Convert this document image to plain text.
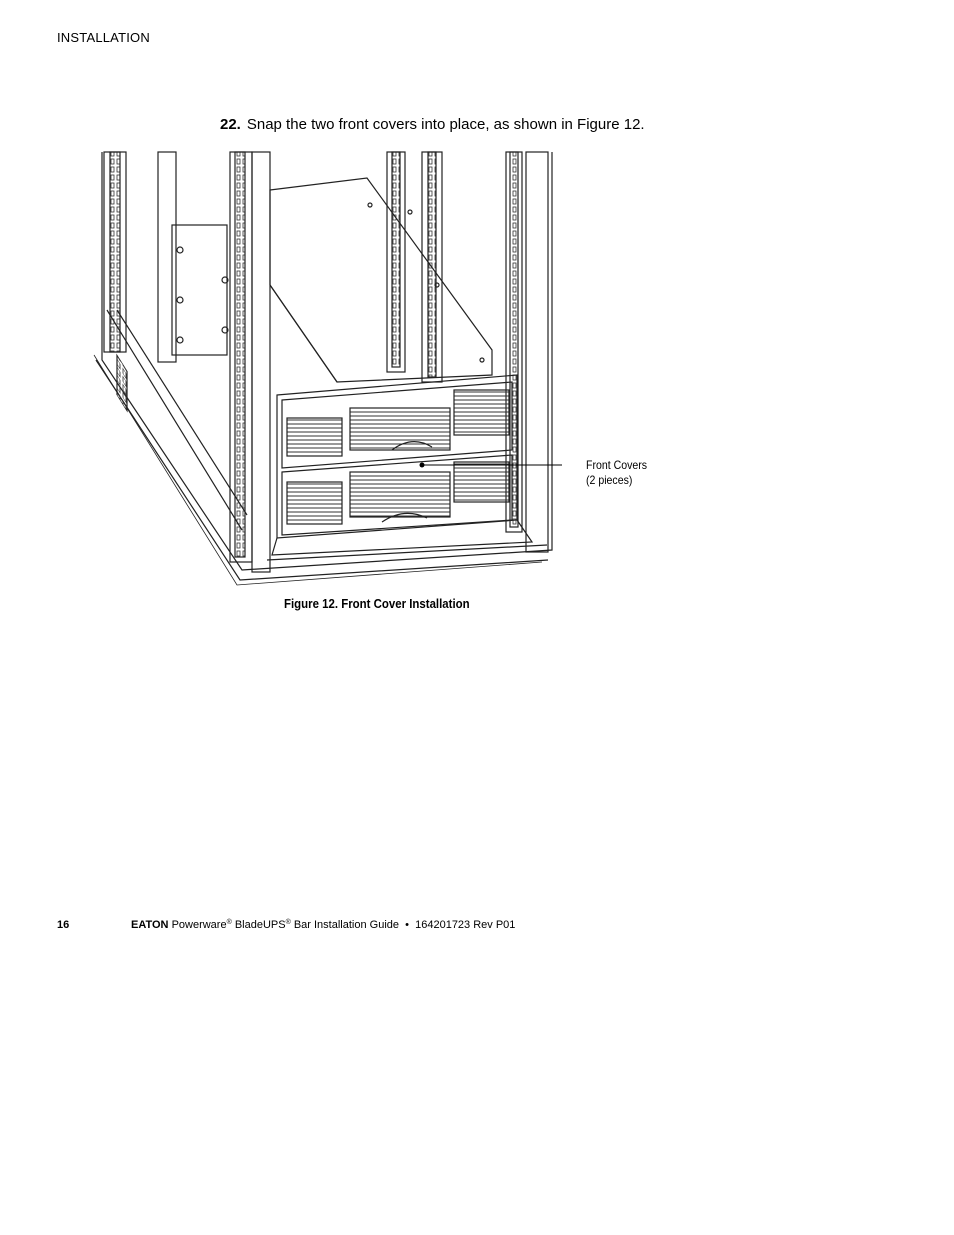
INSTALLATION
22. Snap the two front covers into place, as shown in Figure 12.
Front Covers
(2 pieces)
Figure 12. Front Cover Installation
16	EATON Powerware® BladeUPS® Bar Installation Guide • 164201723 Rev P01
